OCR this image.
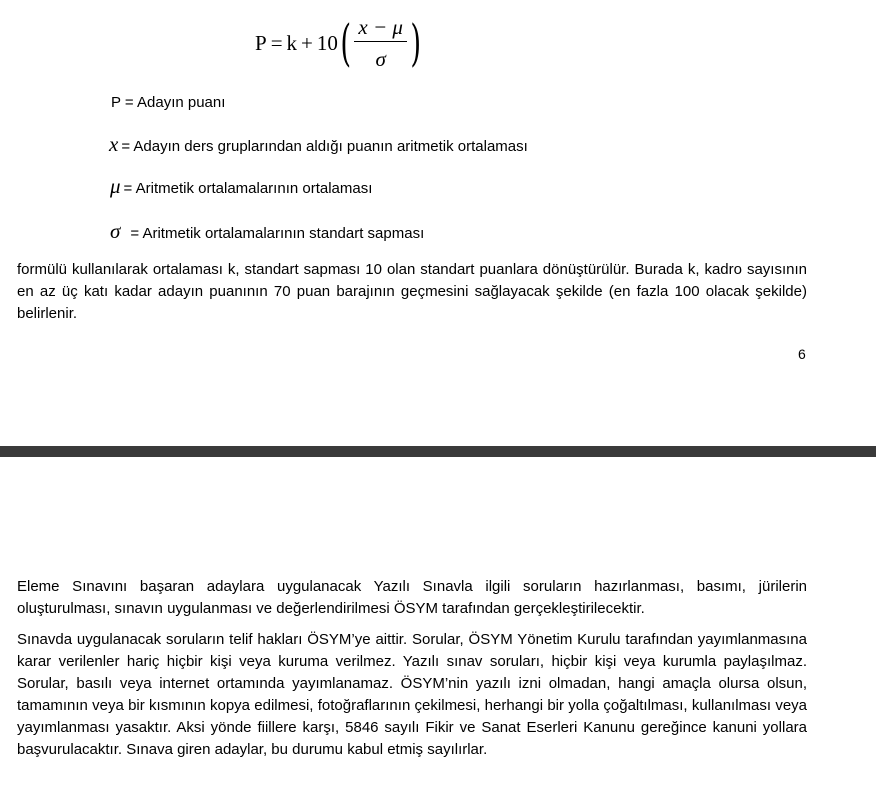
P = k + 10 ( $\frac{x - \mu}{\sigma}$ )
P = Adayın puanı
x = Adayın ders gruplarından aldığı puanın aritmetik ortalaması
μ = Aritmetik ortalamalarının ortalaması
σ = Aritmetik ortalamalarının standart sapması

formülü kullanılarak ortalaması k, standart sapması 10 olan standart puanlara dönüştürülür. Burada k, kadro sayısının en az üç katı kadar adayın puanının 70 puan barajının geçmesini sağlayacak şekilde (en fazla 100 olacak şekilde) belirlenir.

6

Eleme Sınavını başaran adaylara uygulanacak Yazılı Sınavla ilgili soruların hazırlanması, basımı, jürilerin oluşturulması, sınavın uygulanması ve değerlendirilmesi ÖSYM tarafından gerçekleştirilecektir.

Sınavda uygulanacak soruların telif hakları ÖSYM’ye aittir. Sorular, ÖSYM Yönetim Kurulu tarafından yayımlanmasına karar verilenler hariç hiçbir kişi veya kuruma verilmez. Yazılı sınav soruları, hiçbir kişi veya kurumla paylaşılmaz. Sorular, basılı veya internet ortamında yayımlanamaz. ÖSYM’nin yazılı izni olmadan, hangi amaçla olursa olsun, tamamının veya bir kısmının kopya edilmesi, fotoğraflarının çekilmesi, herhangi bir yolla çoğaltılması, kullanılması veya yayımlanması yasaktır. Aksi yönde fiillere karşı, 5846 sayılı Fikir ve Sanat Eserleri Kanunu gereğince kanuni yollara başvurulacaktır. Sınava giren adaylar, bu durumu kabul etmiş sayılırlar.
